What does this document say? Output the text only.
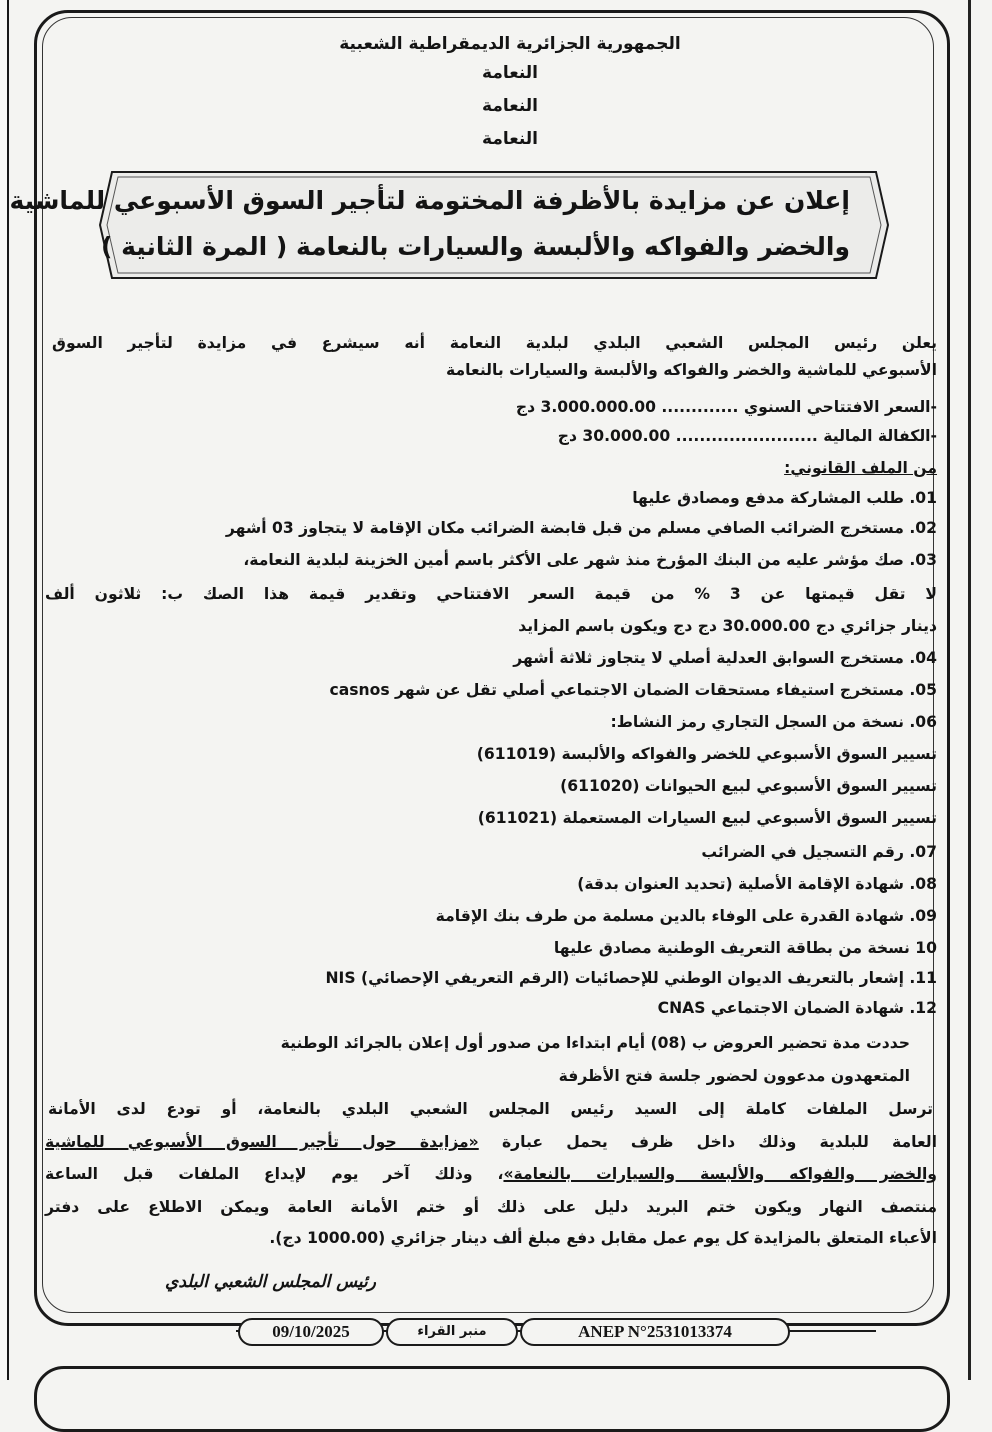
الجمهورية الجزائرية الديمقراطية الشعبية
النعامة
النعامة
النعامة
إعلان عن مزايدة بالأظرفة المختومة لتأجير السوق الأسبوعي للماشية
والخضر والفواكه والألبسة والسيارات بالنعامة ( المرة الثانية )
يعلن رئيس المجلس الشعبي البلدي لبلدية النعامة أنه سيشرع في مزايدة لتأجير السوق
الأسبوعي للماشية والخضر والفواكه والألبسة والسيارات بالنعامة
-السعر الافتتاحي السنوي ............. 3.000.000.00 دج
-الكفالة المالية ........................ 30.000.00 دج
من الملف القانوني:
01. طلب المشاركة مدفع ومصادق عليها
02. مستخرج الضرائب الصافي مسلم من قبل قابضة الضرائب مكان الإقامة لا يتجاوز 03 أشهر
03. صك مؤشر عليه من البنك المؤرخ منذ شهر على الأكثر باسم أمين الخزينة لبلدية النعامة،
لا تقل قيمتها عن 3 % من قيمة السعر الافتتاحي وتقدير قيمة هذا الصك ب: ثلاثون ألف
دينار جزائري دج 30.000.00 دج دج ويكون باسم المزايد
04. مستخرج السوابق العدلية أصلي لا يتجاوز ثلاثة أشهر
05. مستخرج استيفاء مستحقات الضمان الاجتماعي أصلي تقل عن شهر casnos
06. نسخة من السجل التجاري رمز النشاط:
تسيير السوق الأسبوعي للخضر والفواكه والألبسة (611019)
تسيير السوق الأسبوعي لبيع الحيوانات (611020)
تسيير السوق الأسبوعي لبيع السيارات المستعملة (611021)
07. رقم التسجيل في الضرائب
08. شهادة الإقامة الأصلية (تحديد العنوان بدقة)
09. شهادة القدرة على الوفاء بالدين مسلمة من طرف بنك الإقامة
10 نسخة من بطاقة التعريف الوطنية مصادق عليها
11. إشعار بالتعريف الديوان الوطني للإحصائيات (الرقم التعريفي الإحصائي) NIS
12. شهادة الضمان الاجتماعي CNAS
حددت مدة تحضير العروض ب (08) أيام ابتداءا من صدور أول إعلان بالجرائد الوطنية
المتعهدون مدعوون لحضور جلسة فتح الأظرفة
ترسل الملفات كاملة إلى السيد رئيس المجلس الشعبي البلدي بالنعامة، أو تودع لدى الأمانة
العامة للبلدية وذلك داخل ظرف يحمل عبارة «مزايدة حول تأجير السوق الأسبوعي للماشية
والخضر والفواكه والألبسة والسيارات بالنعامة»، وذلك آخر يوم لإيداع الملفات قبل الساعة
منتصف النهار ويكون ختم البريد دليل على ذلك أو ختم الأمانة العامة ويمكن الاطلاع على دفتر
الأعباء المتعلق بالمزايدة كل يوم عمل مقابل دفع مبلغ ألف دينار جزائري (1000.00 دج).
رئيس المجلس الشعبي البلدي
09/10/2025	منبر القراء	ANEP N°2531013374
